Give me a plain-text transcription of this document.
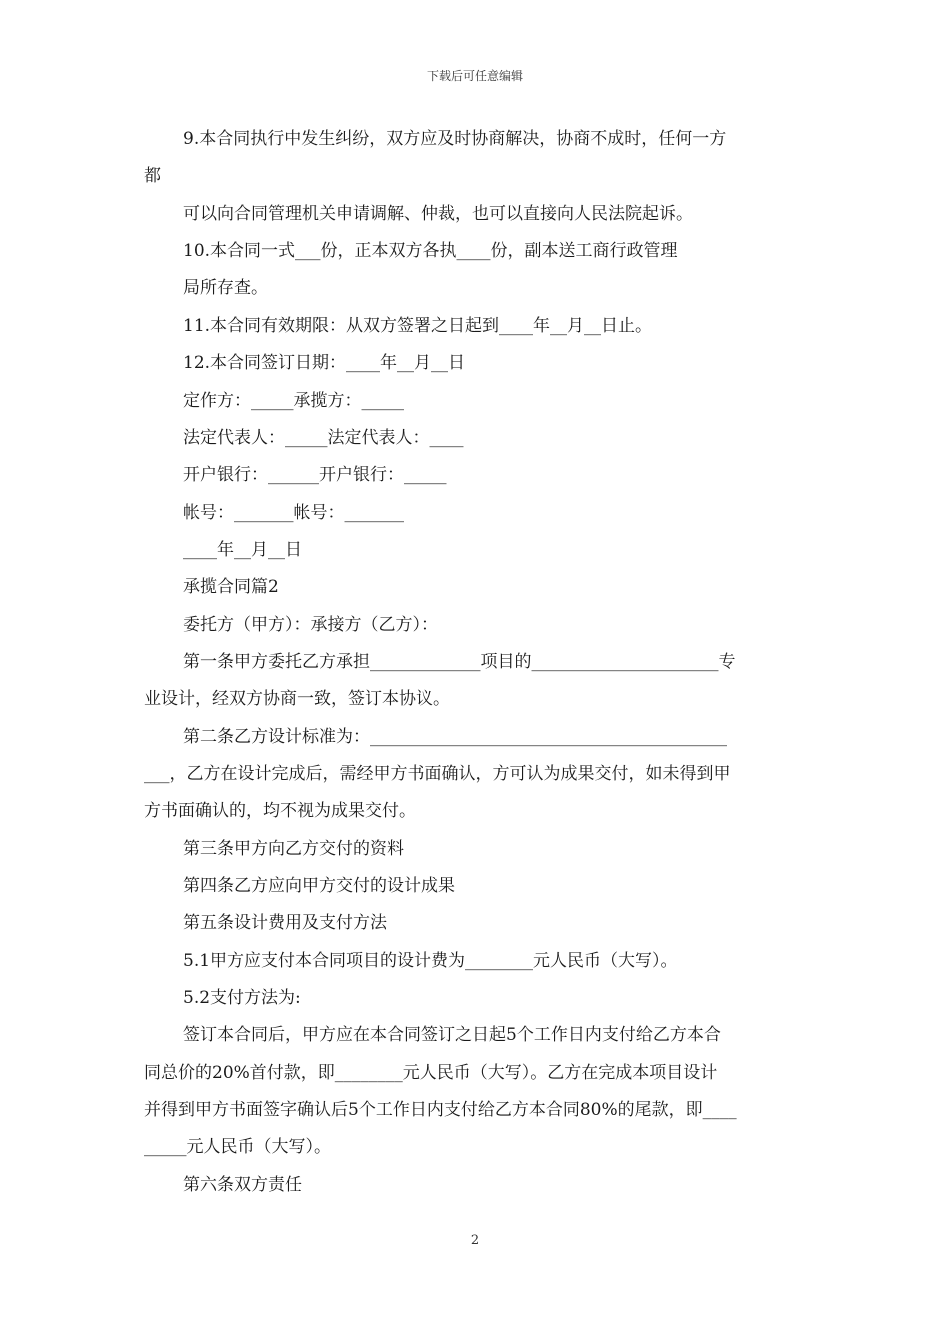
下载后可任意编辑
9.本合同执行中发生纠纷，双方应及时协商解决，协商不成时，任何一方
都
可以向合同管理机关申请调解、仲裁，也可以直接向人民法院起诉。
10.本合同一式___份，正本双方各执____份，副本送工商行政管理
局所存查。
11.本合同有效期限：从双方签署之日起到____年__月__日止。
12.本合同签订日期：____年__月__日
定作方：_____承揽方：_____
法定代表人：_____法定代表人：____
开户银行：______开户银行：_____
帐号：_______帐号：_______
____年__月__日
承揽合同篇2
委托方（甲方）：承接方（乙方）：
第一条甲方委托乙方承担_____________项目的______________________专
业设计，经双方协商一致，签订本协议。
第二条乙方设计标准为：__________________________________________
___，乙方在设计完成后，需经甲方书面确认，方可认为成果交付，如未得到甲
方书面确认的，均不视为成果交付。
第三条甲方向乙方交付的资料
第四条乙方应向甲方交付的设计成果
第五条设计费用及支付方法
5.1甲方应支付本合同项目的设计费为________元人民币（大写）。
5.2支付方法为:
签订本合同后，甲方应在本合同签订之日起5个工作日内支付给乙方本合
同总价的20%首付款，即________元人民币（大写）。乙方在完成本项目设计
并得到甲方书面签字确认后5个工作日内支付给乙方本合同80%的尾款，即____
_____元人民币（大写）。
第六条双方责任
2
